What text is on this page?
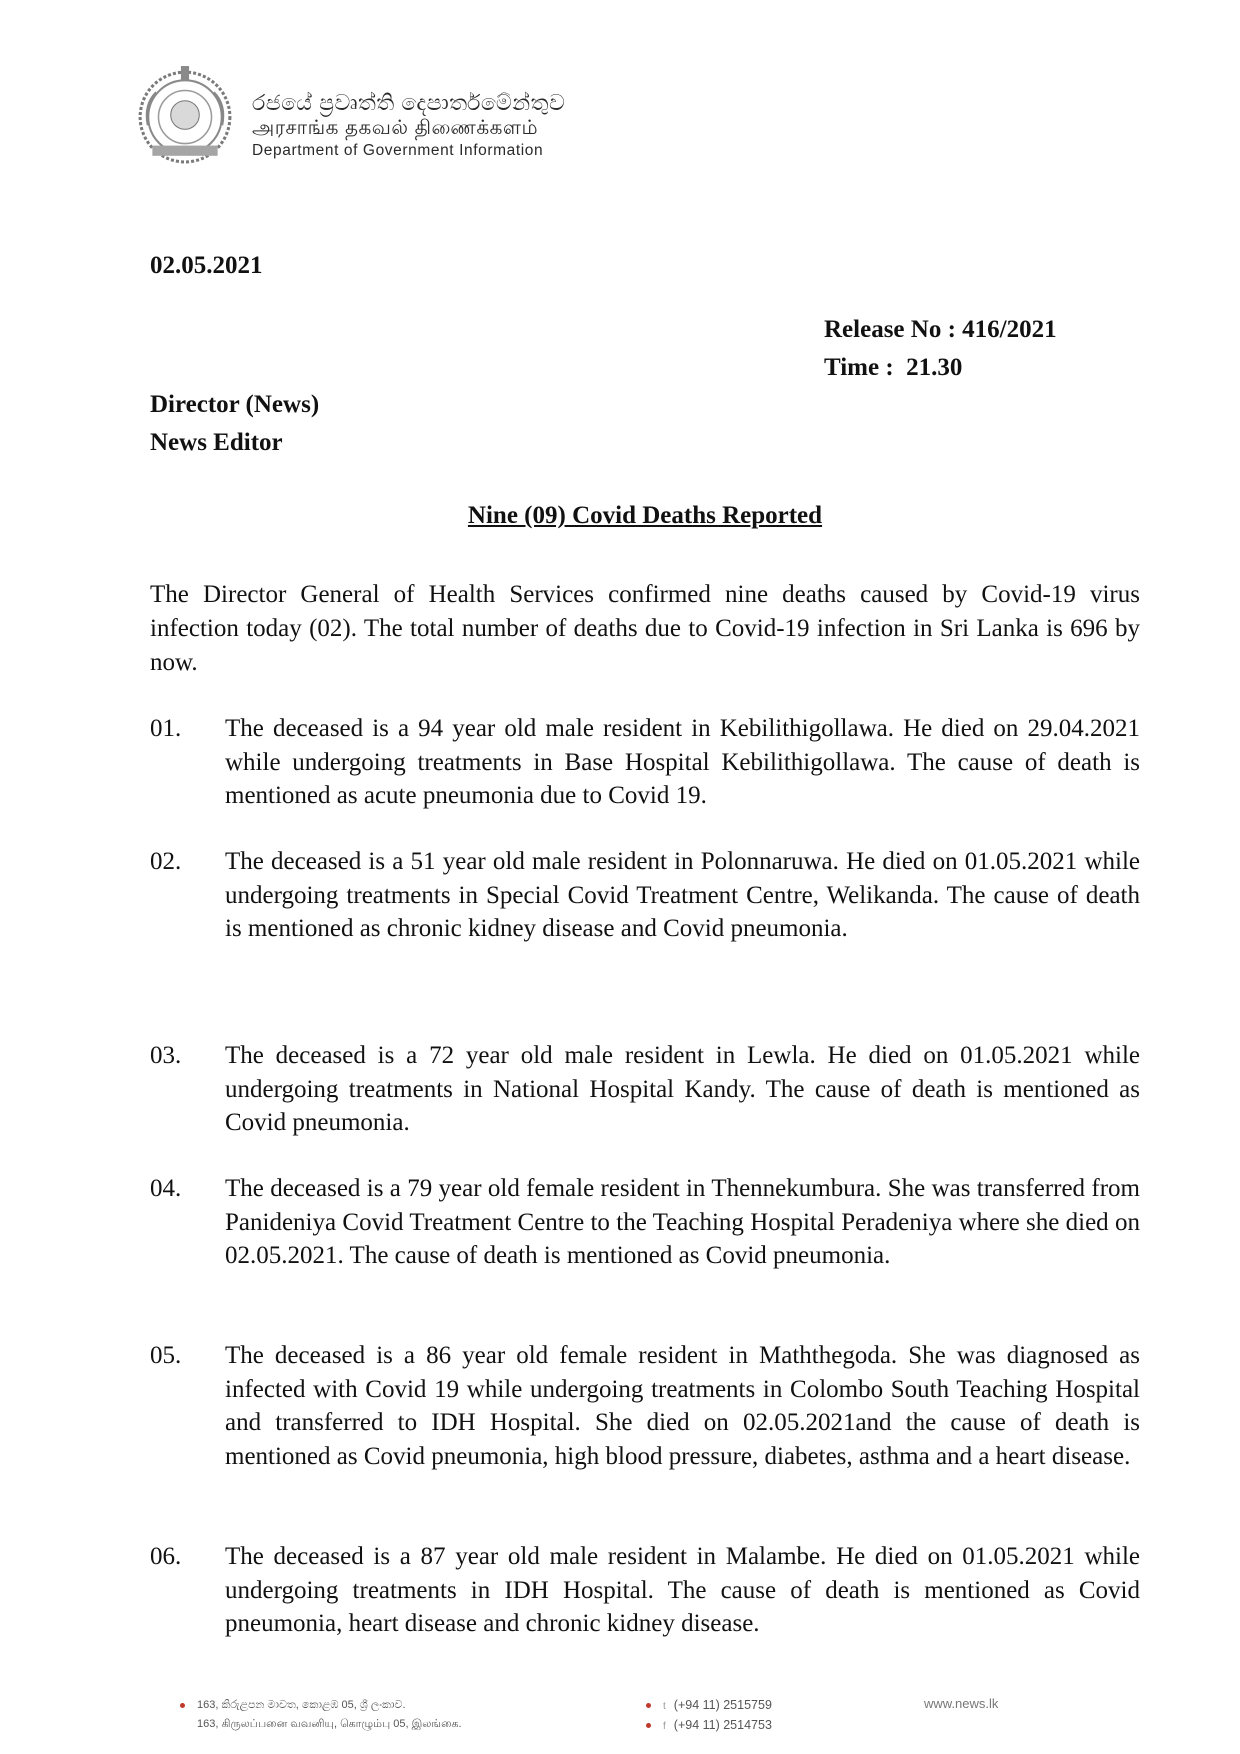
රජයේ ප්‍රවෘත්ති දෙපාර්තමේන්තුව
அரசாங்க தகவல் திணைக்களம்
Department of Government Information
02.05.2021
Release No : 416/2021
Time :  21.30
Director (News)
News Editor
Nine (09) Covid Deaths Reported
The Director General of Health Services confirmed nine deaths caused by Covid-19 virus infection today (02). The total number of deaths due to Covid-19 infection in Sri Lanka is 696 by now.
01.	The deceased is a 94 year old male resident in Kebilithigollawa. He died on 29.04.2021 while undergoing treatments in Base Hospital Kebilithigollawa. The cause of death is mentioned as acute pneumonia due to Covid 19.
02.	The deceased is a 51 year old male resident in Polonnaruwa. He died on 01.05.2021 while undergoing treatments in Special Covid Treatment Centre, Welikanda. The cause of death is mentioned as chronic kidney disease and Covid pneumonia.
03.	The deceased is a 72 year old male resident in Lewla. He died on 01.05.2021 while undergoing treatments in National Hospital Kandy. The cause of death is mentioned as Covid pneumonia.
04.	The deceased is a 79 year old female resident in Thennekumbura. She was transferred from Panideniya Covid Treatment Centre to the Teaching Hospital Peradeniya where she died on 02.05.2021. The cause of death is mentioned as Covid pneumonia.
05.	The deceased is a 86 year old female resident in Maththegoda. She was diagnosed as infected with Covid 19 while undergoing treatments in Colombo South Teaching Hospital and transferred to IDH Hospital. She died on 02.05.2021and the cause of death is mentioned as Covid pneumonia, high blood pressure, diabetes, asthma and a heart disease.
06.	The deceased is a 87 year old male resident in Malambe. He died on 01.05.2021 while undergoing treatments in IDH Hospital. The cause of death is mentioned as Covid pneumonia, heart disease and chronic kidney disease.
163, කිරුළපන මාවත, කොළඹ 05, ශ්‍රී ලංකාව.
163, கிருலப்பனை வவனியு, கொழும்பு 05, இலங்கை.
t (+94 11) 2515759
f (+94 11) 2514753
www.news.lk
